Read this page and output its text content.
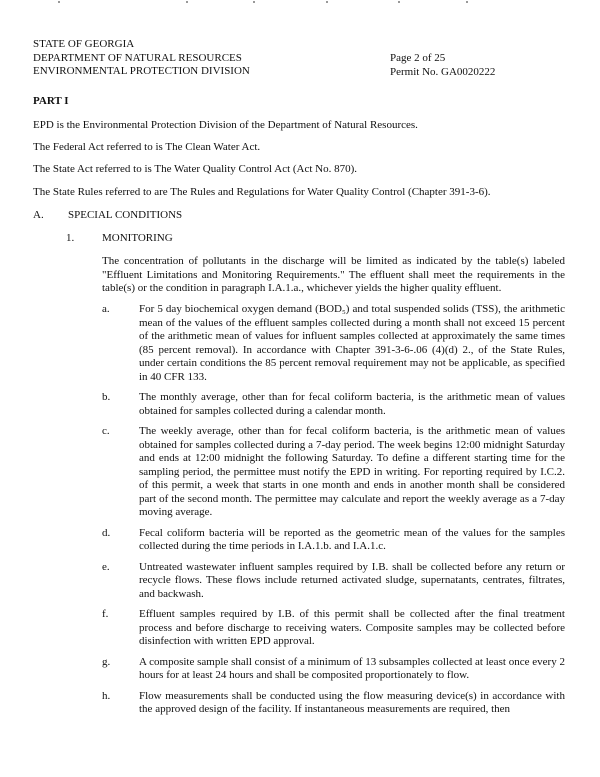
STATE OF GEORGIA
DEPARTMENT OF NATURAL RESOURCES
ENVIRONMENTAL PROTECTION DIVISION
Page 2 of 25
Permit No. GA0020222
PART I

EPD is the Environmental Protection Division of the Department of Natural Resources.

The Federal Act referred to is The Clean Water Act.

The State Act referred to is The Water Quality Control Act (Act No. 870).

The State Rules referred to are The Rules and Regulations for Water Quality Control (Chapter 391-3-6).

A. SPECIAL CONDITIONS
1.	MONITORING

The concentration of pollutants in the discharge will be limited as indicated by the table(s) labeled "Effluent Limitations and Monitoring Requirements." The effluent shall meet the requirements in the table(s) or the condition in paragraph I.A.1.a., whichever yields the higher quality effluent.

a.	For 5 day biochemical oxygen demand (BOD₅) and total suspended solids (TSS), the arithmetic mean of the values of the effluent samples collected during a month shall not exceed 15 percent of the arithmetic mean of values for influent samples collected at approximately the same times (85 percent removal). In accordance with Chapter 391-3-6-.06 (4)(d) 2., of the State Rules, under certain conditions the 85 percent removal requirement may not be applicable, as specified in 40 CFR 133.
b.	The monthly average, other than for fecal coliform bacteria, is the arithmetic mean of values obtained for samples collected during a calendar month.
c.	The weekly average, other than for fecal coliform bacteria, is the arithmetic mean of values obtained for samples collected during a 7-day period. The week begins 12:00 midnight Saturday and ends at 12:00 midnight the following Saturday. To define a different starting time for the sampling period, the permittee must notify the EPD in writing. For reporting required by I.C.2. of this permit, a week that starts in one month and ends in another month shall be considered part of the second month. The permittee may calculate and report the weekly average as a 7-day moving average.
d.	Fecal coliform bacteria will be reported as the geometric mean of the values for the samples collected during the time periods in I.A.1.b. and I.A.1.c.
e.	Untreated wastewater influent samples required by I.B. shall be collected before any return or recycle flows. These flows include returned activated sludge, supernatants, centrates, filtrates, and backwash.
f.	Effluent samples required by I.B. of this permit shall be collected after the final treatment process and before discharge to receiving waters. Composite samples may be collected before disinfection with written EPD approval.
g.	A composite sample shall consist of a minimum of 13 subsamples collected at least once every 2 hours for at least 24 hours and shall be composited proportionately to flow.
h.	Flow measurements shall be conducted using the flow measuring device(s) in accordance with the approved design of the facility. If instantaneous measurements are required, then
